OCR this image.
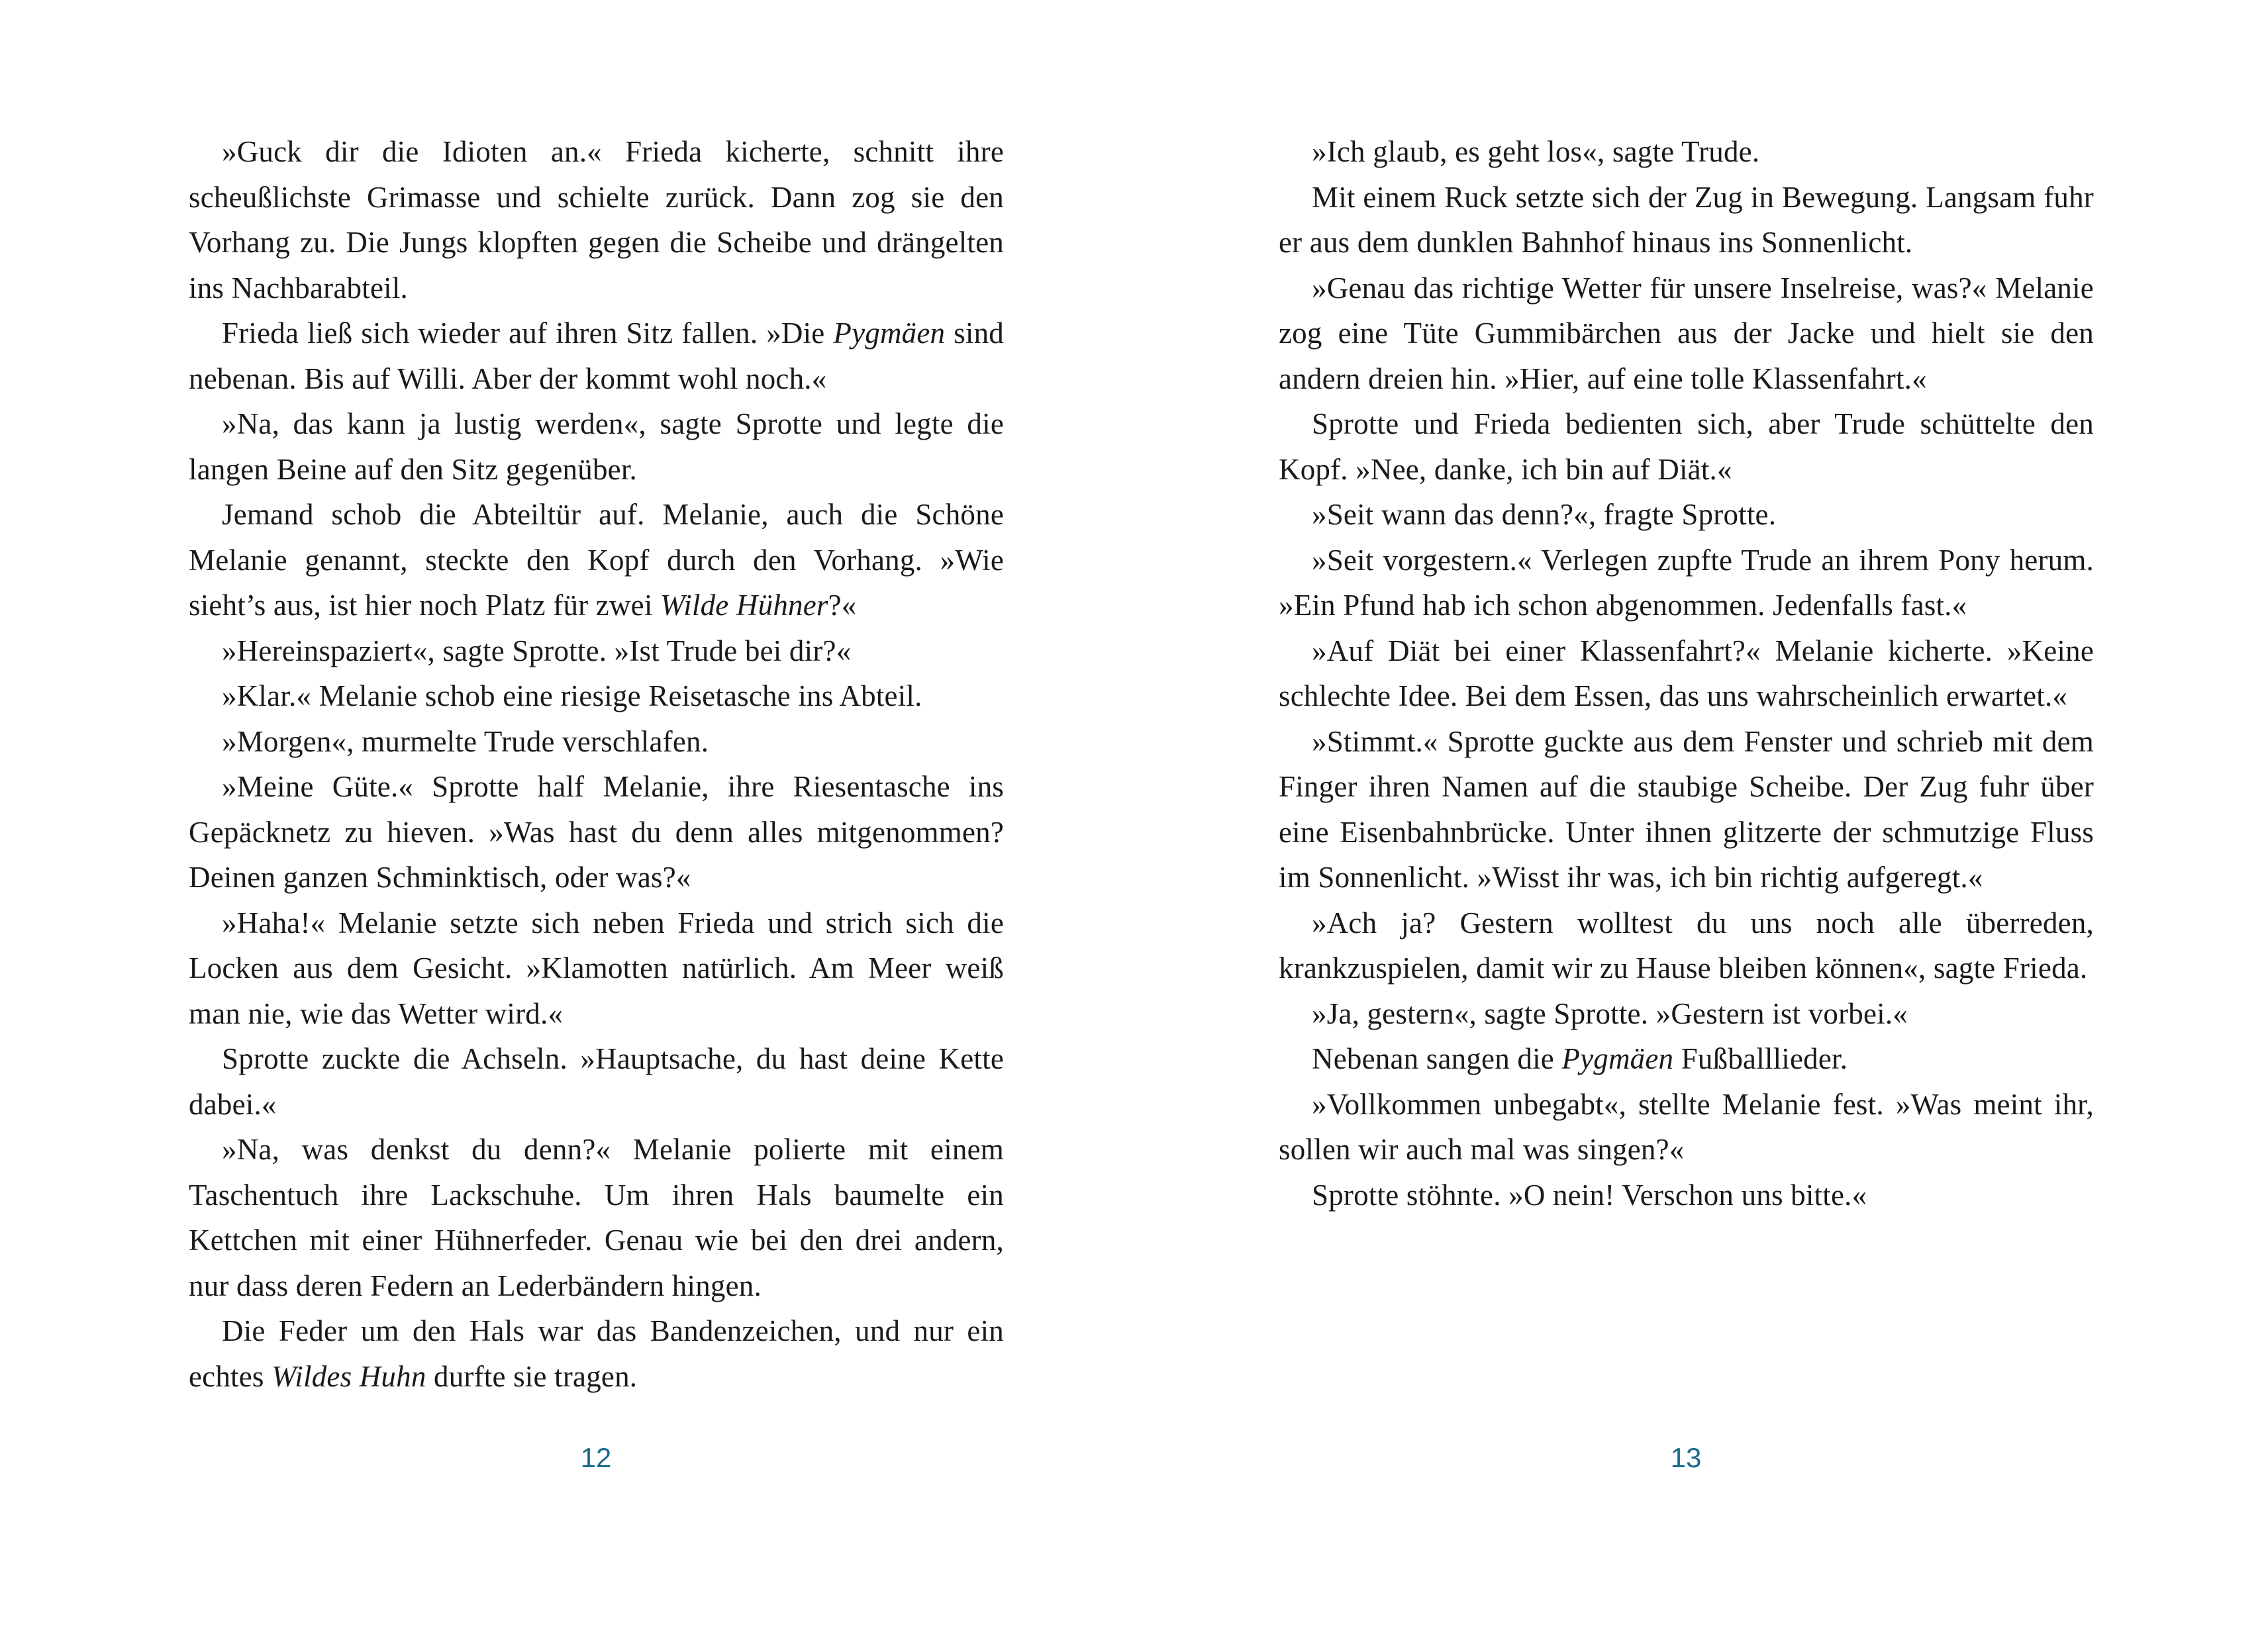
»Guck dir die Idioten an.« Frieda kicherte, schnitt ihre scheußlichste Grimasse und schielte zurück. Dann zog sie den Vorhang zu. Die Jungs klopften gegen die Scheibe und drängelten ins Nachbarabteil.

Frieda ließ sich wieder auf ihren Sitz fallen. »Die Pygmäen sind nebenan. Bis auf Willi. Aber der kommt wohl noch.«

»Na, das kann ja lustig werden«, sagte Sprotte und legte die langen Beine auf den Sitz gegenüber.

Jemand schob die Abteiltür auf. Melanie, auch die Schöne Melanie genannt, steckte den Kopf durch den Vorhang. »Wie sieht’s aus, ist hier noch Platz für zwei Wilde Hühner?«

»Hereinspaziert«, sagte Sprotte. »Ist Trude bei dir?«

»Klar.« Melanie schob eine riesige Reisetasche ins Abteil.

»Morgen«, murmelte Trude verschlafen.

»Meine Güte.« Sprotte half Melanie, ihre Riesentasche ins Gepäcknetz zu hieven. »Was hast du denn alles mitgenommen? Deinen ganzen Schminktisch, oder was?«

»Haha!« Melanie setzte sich neben Frieda und strich sich die Locken aus dem Gesicht. »Klamotten natürlich. Am Meer weiß man nie, wie das Wetter wird.«

Sprotte zuckte die Achseln. »Hauptsache, du hast deine Kette dabei.«

»Na, was denkst du denn?« Melanie polierte mit einem Taschentuch ihre Lackschuhe. Um ihren Hals baumelte ein Kettchen mit einer Hühnerfeder. Genau wie bei den drei andern, nur dass deren Federn an Lederbändern hingen.

Die Feder um den Hals war das Bandenzeichen, und nur ein echtes Wildes Huhn durfte sie tragen.

12

»Ich glaub, es geht los«, sagte Trude.

Mit einem Ruck setzte sich der Zug in Bewegung. Langsam fuhr er aus dem dunklen Bahnhof hinaus ins Sonnenlicht.

»Genau das richtige Wetter für unsere Inselreise, was?« Melanie zog eine Tüte Gummibärchen aus der Jacke und hielt sie den andern dreien hin. »Hier, auf eine tolle Klassenfahrt.«

Sprotte und Frieda bedienten sich, aber Trude schüttelte den Kopf. »Nee, danke, ich bin auf Diät.«

»Seit wann das denn?«, fragte Sprotte.

»Seit vorgestern.« Verlegen zupfte Trude an ihrem Pony herum. »Ein Pfund hab ich schon abgenommen. Jedenfalls fast.«

»Auf Diät bei einer Klassenfahrt?« Melanie kicherte. »Keine schlechte Idee. Bei dem Essen, das uns wahrscheinlich erwartet.«

»Stimmt.« Sprotte guckte aus dem Fenster und schrieb mit dem Finger ihren Namen auf die staubige Scheibe. Der Zug fuhr über eine Eisenbahnbrücke. Unter ihnen glitzerte der schmutzige Fluss im Sonnenlicht. »Wisst ihr was, ich bin richtig aufgeregt.«

»Ach ja? Gestern wolltest du uns noch alle überreden, krankzuspielen, damit wir zu Hause bleiben können«, sagte Frieda.

»Ja, gestern«, sagte Sprotte. »Gestern ist vorbei.«

Nebenan sangen die Pygmäen Fußballlieder.

»Vollkommen unbegabt«, stellte Melanie fest. »Was meint ihr, sollen wir auch mal was singen?«

Sprotte stöhnte. »O nein! Verschon uns bitte.«

13
